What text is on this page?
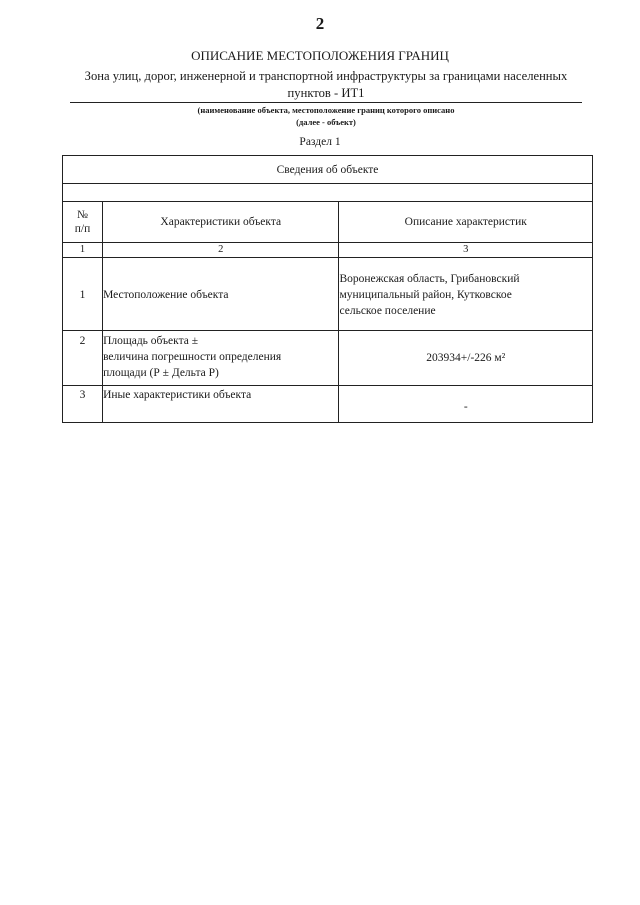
2
ОПИСАНИЕ МЕСТОПОЛОЖЕНИЯ ГРАНИЦ
Зона улиц, дорог, инженерной и транспортной инфраструктуры за границами населенных
пунктов - ИТ1
(наименование объекта, местоположение границ которого описано
(далее - объект)
Раздел 1
Сведения об объекте		

№
п/п	Характеристики объекта	Описание характеристик
1	2	3
1	Местоположение объекта	Воронежская область, Грибановский
муниципальный район, Кутковское
сельское поселение

2	Площадь объекта ±
величина погрешности определения
площади (Р ± Дельта Р)	203934+/-226 м²

3	Иные характеристики объекта	-
